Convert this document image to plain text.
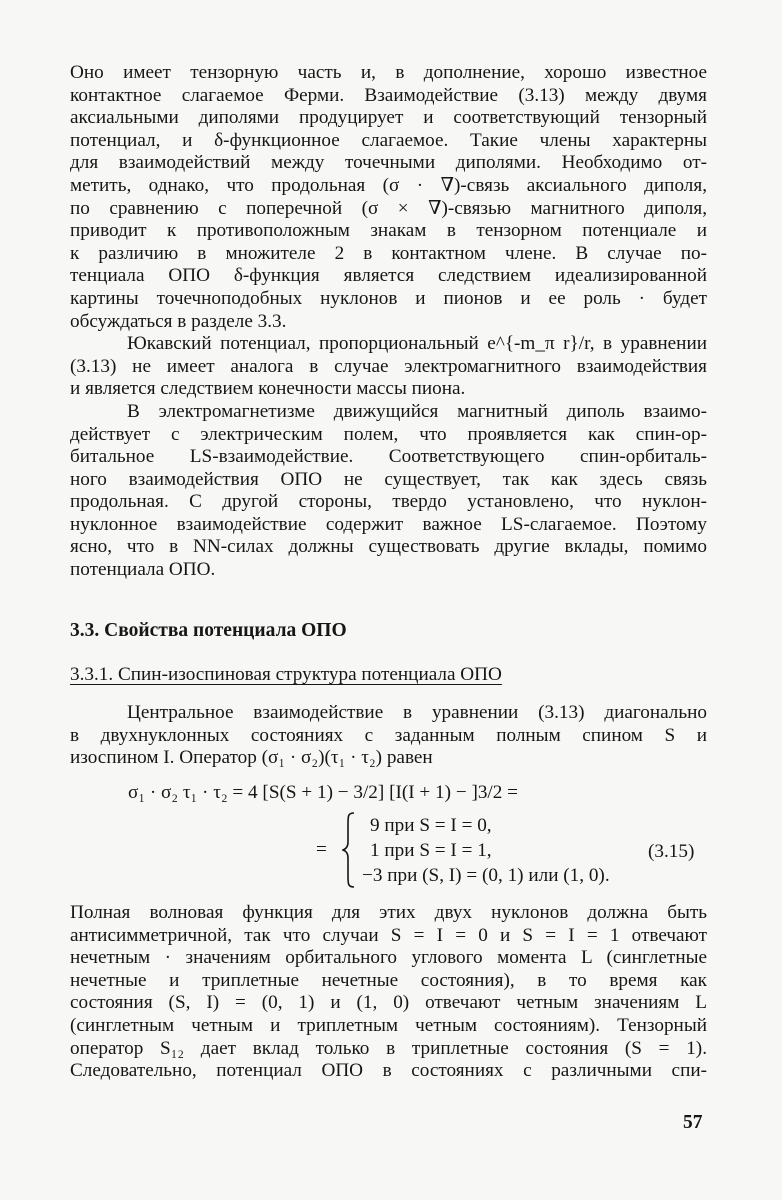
Оно имеет тензорную часть и, в дополнение, хорошо известное
контактное слагаемое Ферми. Взаимодействие (3.13) между двумя
аксиальными диполями продуцирует и соответствующий тензорный
потенциал, и δ-функционное слагаемое. Такие члены характерны
для взаимодействий между точечными диполями. Необходимо от-
метить, однако, что продольная (σ · ∇)-связь аксиального диполя,
по сравнению с поперечной (σ × ∇)-связью магнитного диполя,
приводит к противоположным знакам в тензорном потенциале и
к различию в множителе 2 в контактном члене. В случае по-
тенциала ОПО δ-функция является следствием идеализированной
картины точечноподобных нуклонов и пионов и ее роль · будет
обсуждаться в разделе 3.3.

Юкавский потенциал, пропорциональный e^{-m_π r}/r, в уравнении
(3.13) не имеет аналога в случае электромагнитного взаимодействия
и является следствием конечности массы пиона.

В электромагнетизме движущийся магнитный диполь взаимо-
действует с электрическим полем, что проявляется как спин-ор-
битальное LS-взаимодействие. Соответствующего спин-орбиталь-
ного взаимодействия ОПО не существует, так как здесь связь
продольная. С другой стороны, твердо установлено, что нуклон-
нуклонное взаимодействие содержит важное LS-слагаемое. Поэтому
ясно, что в NN-силах должны существовать другие вклады, помимо
потенциала ОПО.

3.3. Свойства потенциала ОПО
3.3.1. Спин-изоспиновая структура потенциала ОПО
Центральное взаимодействие в уравнении (3.13) диагонально
в двухнуклонных состояниях с заданным полным спином S и
изоспином I. Оператор (σ₁ · σ₂)(τ₁ · τ₂) равен
σ₁ · σ₂ τ₁ · τ₂ = 4 [S(S + 1) − 3/2] [I(I + 1) − ]3/2 =
=
9 при S = I = 0,
1 при S = I = 1,
−3 при (S, I) = (0, 1) или (1, 0).
(3.15)
Полная волновая функция для этих двух нуклонов должна быть
антисимметричной, так что случаи S = I = 0 и S = I = 1 отвечают
нечетным · значениям орбитального углового момента L (синглетные
нечетные и триплетные нечетные состояния), в то время как
состояния (S, I) = (0, 1) и (1, 0) отвечают четным значениям L
(синглетным четным и триплетным четным состояниям). Тензорный
оператор S₁₂ дает вклад только в триплетные состояния (S = 1).
Следовательно, потенциал ОПО в состояниях с различными спи-
57
